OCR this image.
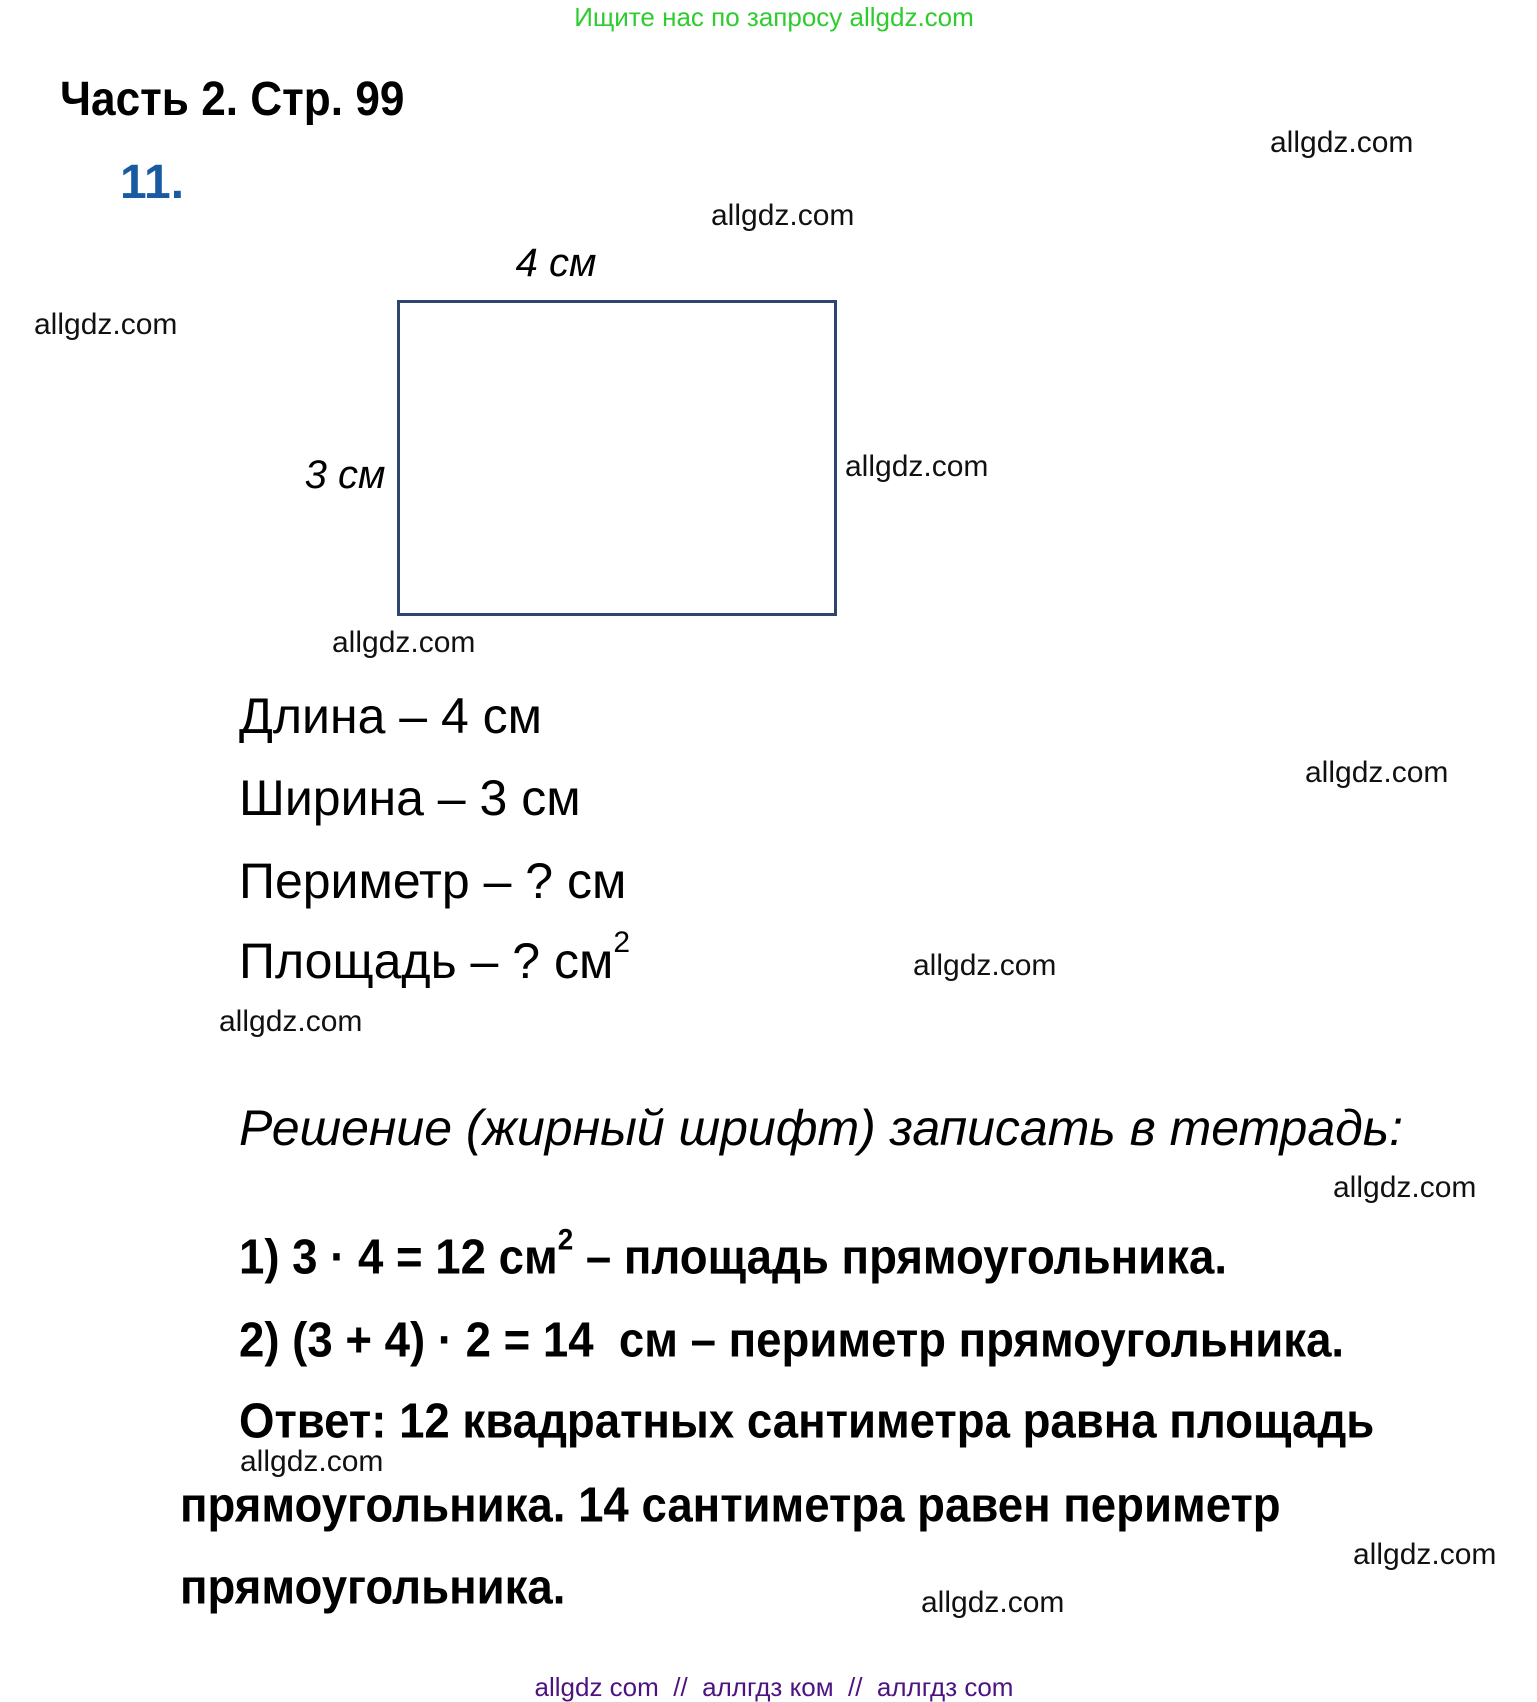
Ищите нас по запросу allgdz.com
Часть 2. Стр. 99
11.
4 см
3 см
allgdz.com
allgdz.com
allgdz.com
allgdz.com
allgdz.com
allgdz.com
allgdz.com
allgdz.com
allgdz.com
allgdz.com
allgdz.com
allgdz.com
Длина – 4 см
Ширина – 3 см
Периметр – ? см
Площадь – ? $см^2$
Решение (жирный шрифт) записать в тетрадь:
1) 3 · 4 = 12 $см^2$ – площадь прямоугольника.
2) (3 + 4) · 2 = 14  см – периметр прямоугольника.
Ответ: 12 квадратных сантиметра равна площадь
прямоугольника. 14 сантиметра равен периметр
прямоугольника.
allgdz com  //  аллгдз ком  //  аллгдз com
